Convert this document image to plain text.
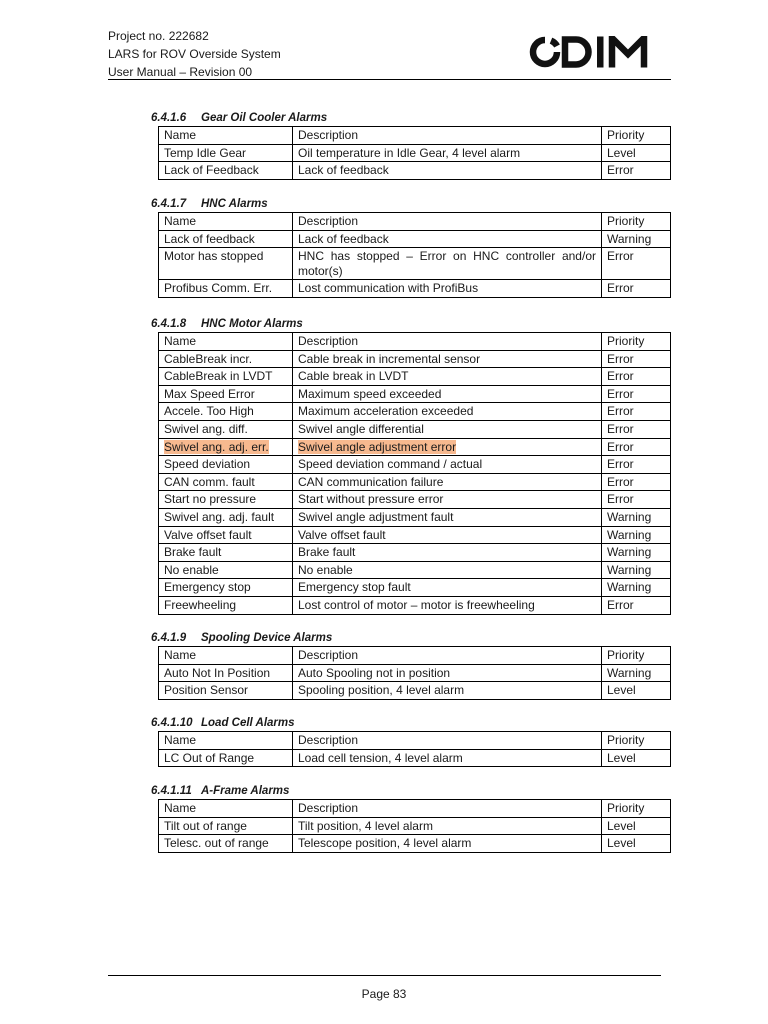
Project no. 222682
LARS for ROV Overside System
User Manual – Revision 00
6.4.1.6 Gear Oil Cooler Alarms
Name	Description	Priority
Temp Idle Gear	Oil temperature in Idle Gear, 4 level alarm	Level
Lack of Feedback	Lack of feedback	Error
6.4.1.7 HNC Alarms
Name	Description	Priority
Lack of feedback	Lack of feedback	Warning
Motor has stopped	HNC has stopped – Error on HNC controller and/or motor(s)	Error
Profibus Comm. Err.	Lost communication with ProfiBus	Error
6.4.1.8 HNC Motor Alarms
Name	Description	Priority
CableBreak incr.	Cable break in incremental sensor	Error
CableBreak in LVDT	Cable break in LVDT	Error
Max Speed Error	Maximum speed exceeded	Error
Accele. Too High	Maximum acceleration exceeded	Error
Swivel ang. diff.	Swivel angle differential	Error
Swivel ang. adj. err.	Swivel angle adjustment error	Error
Speed deviation	Speed deviation command / actual	Error
CAN comm. fault	CAN communication failure	Error
Start no pressure	Start without pressure error	Error
Swivel ang. adj. fault	Swivel angle adjustment fault	Warning
Valve offset fault	Valve offset fault	Warning
Brake fault	Brake fault	Warning
No enable	No enable	Warning
Emergency stop	Emergency stop fault	Warning
Freewheeling	Lost control of motor – motor is freewheeling	Error
6.4.1.9 Spooling Device Alarms
Name	Description	Priority
Auto Not In Position	Auto Spooling not in position	Warning
Position Sensor	Spooling position, 4 level alarm	Level
6.4.1.10 Load Cell Alarms
Name	Description	Priority
LC Out of Range	Load cell tension, 4 level alarm	Level
6.4.1.11 A-Frame Alarms
Name	Description	Priority
Tilt out of range	Tilt position, 4 level alarm	Level
Telesc. out of range	Telescope position, 4 level alarm	Level
Page 83
